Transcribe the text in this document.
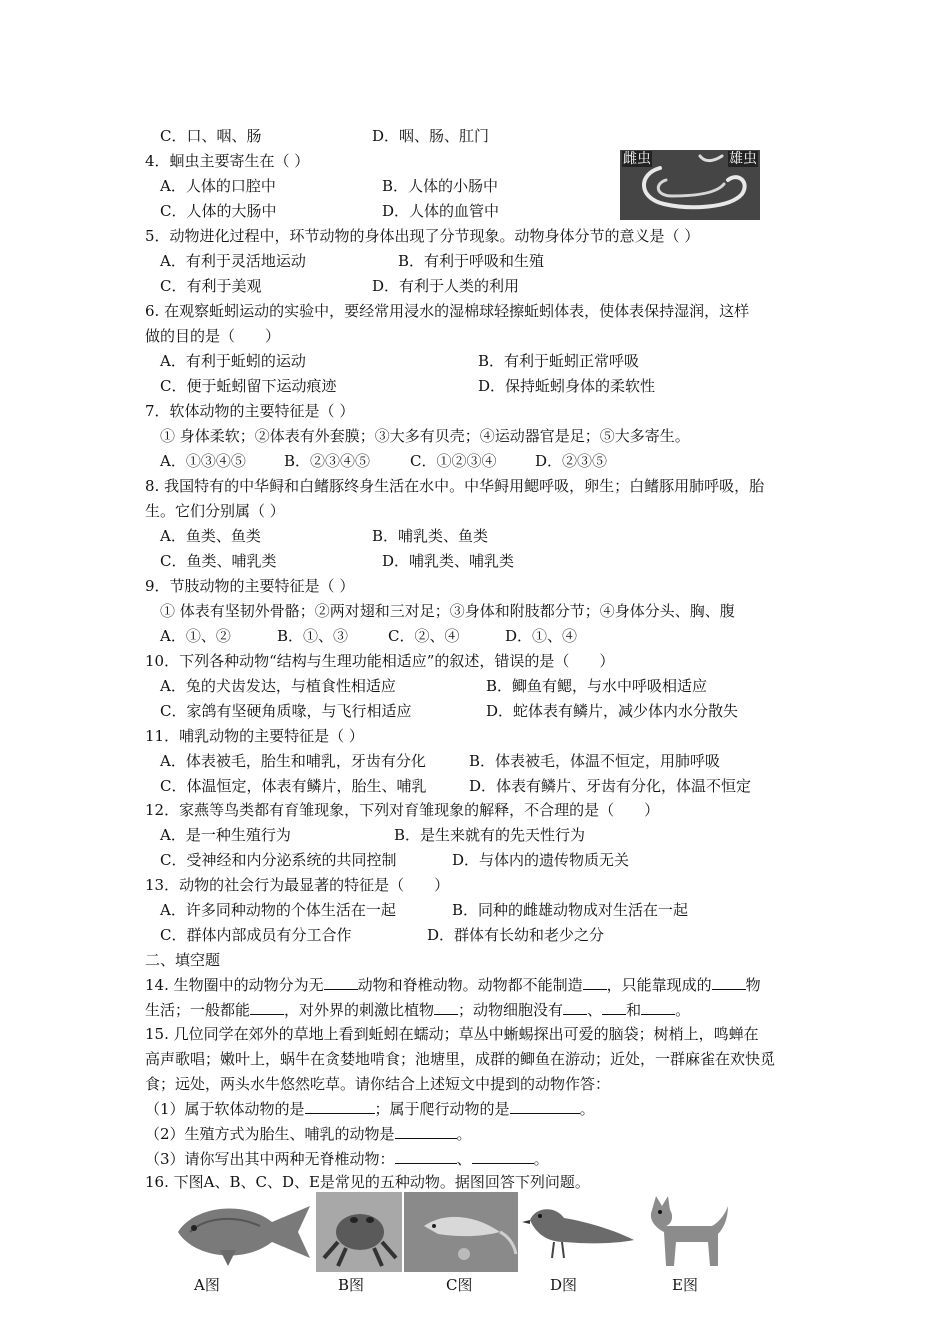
C．口、咽、肠	D．咽、肠、肛门
4．蛔虫主要寄生在（ ）
A．人体的口腔中	B．人体的小肠中
C．人体的大肠中	D．人体的血管中
雌虫	雄虫
5．动物进化过程中，环节动物的身体出现了分节现象。动物身体分节的意义是（ ）
A．有利于灵活地运动	B．有利于呼吸和生殖
C．有利于美观	D．有利于人类的利用
6. 在观察蚯蚓运动的实验中，要经常用浸水的湿棉球轻擦蚯蚓体表，使体表保持湿润，这样
做的目的是（　　）
A．有利于蚯蚓的运动	B．有利于蚯蚓正常呼吸
C．便于蚯蚓留下运动痕迹	D．保持蚯蚓身体的柔软性
7．软体动物的主要特征是（ ）
① 身体柔软；②体表有外套膜；③大多有贝壳；④运动器官是足；⑤大多寄生。
A．①③④⑤	B．②③④⑤	C．①②③④	D．②③⑤
8. 我国特有的中华鲟和白鳍豚终身生活在水中。中华鲟用鳃呼吸，卵生；白鳍豚用肺呼吸，胎
生。它们分别属（ ）
A．鱼类、鱼类	B．哺乳类、鱼类
C．鱼类、哺乳类	D．哺乳类、哺乳类
9．节肢动物的主要特征是（ ）
① 体表有坚韧外骨骼；②两对翅和三对足；③身体和附肢都分节；④身体分头、胸、腹
A．①、②	B．①、③	C．②、④	D．①、④
10．下列各种动物“结构与生理功能相适应”的叙述，错误的是（　　）
A．兔的犬齿发达，与植食性相适应	B．鲫鱼有鳃，与水中呼吸相适应
C．家鸽有坚硬角质喙，与飞行相适应	D．蛇体表有鳞片，减少体内水分散失
11．哺乳动物的主要特征是（ ）
A．体表被毛，胎生和哺乳，牙齿有分化	B．体表被毛，体温不恒定，用肺呼吸
C．体温恒定，体表有鳞片，胎生、哺乳	D．体表有鳞片、牙齿有分化，体温不恒定
12．家燕等鸟类都有育雏现象，下列对育雏现象的解释，不合理的是（　　）
A．是一种生殖行为	B．是生来就有的先天性行为
C．受神经和内分泌系统的共同控制	D．与体内的遗传物质无关
13．动物的社会行为最显著的特征是（　　）
A．许多同种动物的个体生活在一起	B．同种的雌雄动物成对生活在一起
C．群体内部成员有分工合作	D．群体有长幼和老少之分
二、填空题
14. 生物圈中的动物分为无 动物和脊椎动物。动物都不能制造 ，只能靠现成的 物
生活；一般都能 ，对外界的刺激比植物 ；动物细胞没有 、 和 。
15. 几位同学在郊外的草地上看到蚯蚓在蠕动；草丛中蜥蜴探出可爱的脑袋；树梢上，鸣蝉在
高声歌唱；嫩叶上，蜗牛在贪婪地啃食；池塘里，成群的鲫鱼在游动；近处，一群麻雀在欢快觅
食；远处，两头水牛悠然吃草。请你结合上述短文中提到的动物作答：
（1）属于软体动物的是	；属于爬行动物的是	。
（2）生殖方式为胎生、哺乳的动物是	。
（3）请你写出其中两种无脊椎动物：	、	。
16. 下图A、B、C、D、E是常见的五种动物。据图回答下列问题。
A图	B图	C图	D图	E图
